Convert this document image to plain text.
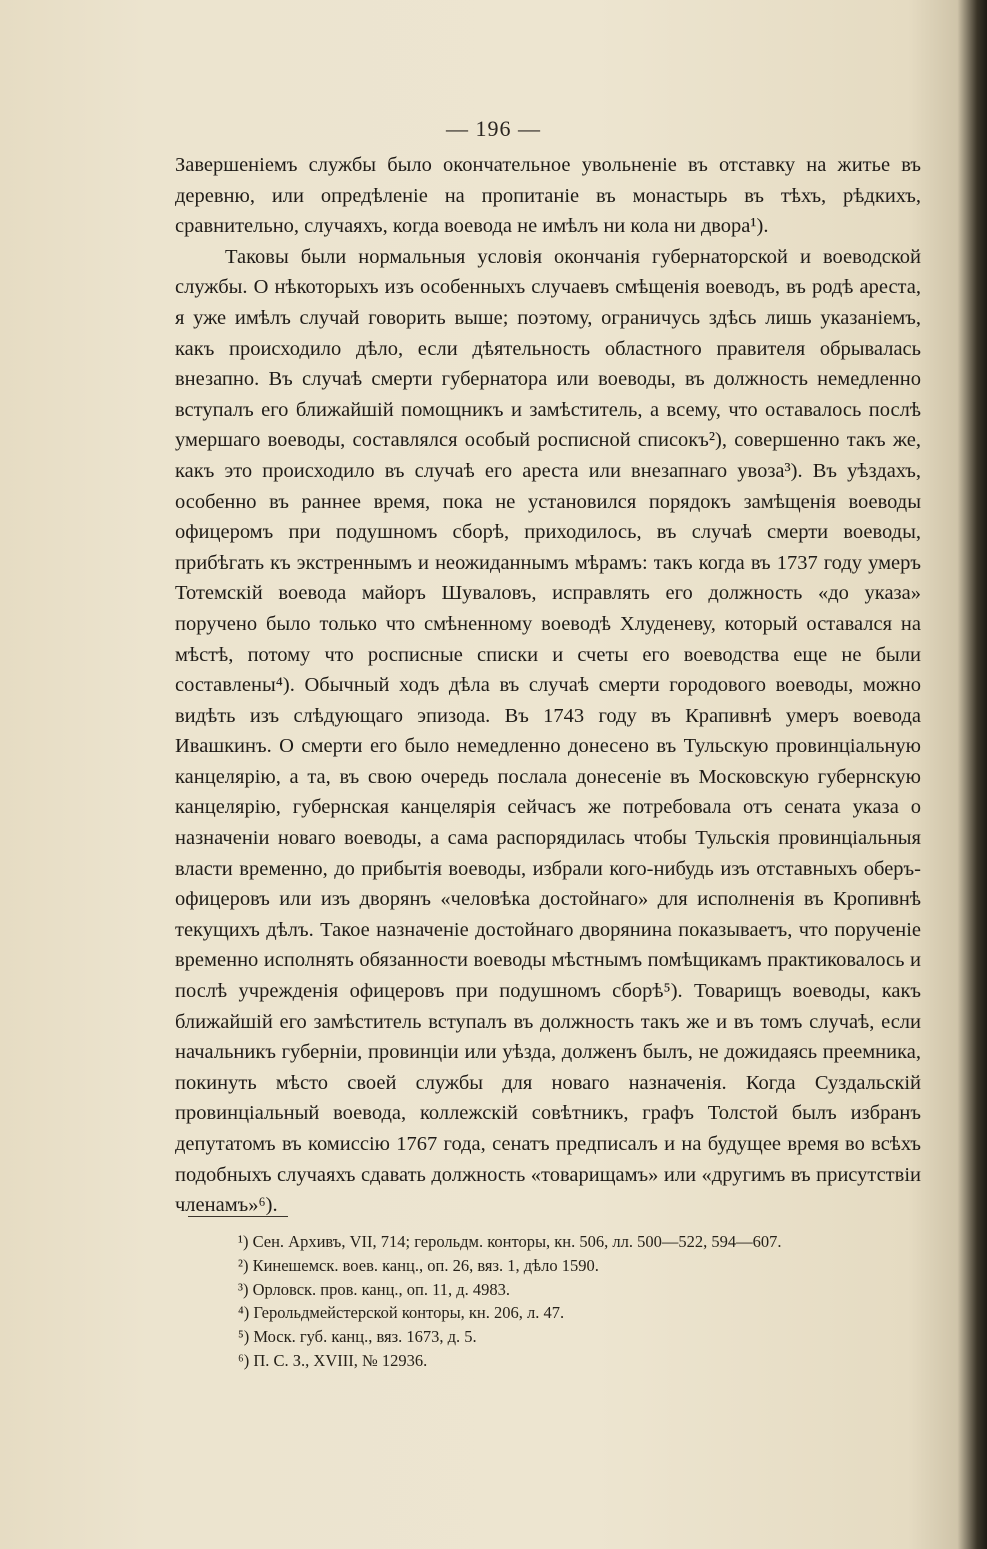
— 196 —

Завершеніемъ службы было окончательное увольненіе въ отставку на житье въ деревню, или опредѣленіе на пропитаніе въ монастырь въ тѣхъ, рѣдкихъ, сравнительно, случаяхъ, когда воевода не имѣлъ ни кола ни двора¹).

Таковы были нормальныя условія окончанія губернаторской и воеводской службы. О нѣкоторыхъ изъ особенныхъ случаевъ смѣщенія воеводъ, въ родѣ ареста, я уже имѣлъ случай говорить выше; поэтому, ограничусь здѣсь лишь указаніемъ, какъ происходило дѣло, если дѣятельность областного правителя обрывалась внезапно. Въ случаѣ смерти губернатора или воеводы, въ должность немедленно вступалъ его ближайшій помощникъ и замѣститель, а всему, что оставалось послѣ умершаго воеводы, составлялся особый росписной списокъ²), совершенно такъ же, какъ это происходило въ случаѣ его ареста или внезапнаго увоза³). Въ уѣздахъ, особенно въ раннее время, пока не установился порядокъ замѣщенія воеводы офицеромъ при подушномъ сборѣ, приходилось, въ случаѣ смерти воеводы, прибѣгать къ экстреннымъ и неожиданнымъ мѣрамъ: такъ когда въ 1737 году умеръ Тотемскій воевода майоръ Шуваловъ, исправлять его должность «до указа» поручено было только что смѣненному воеводѣ Хлуденеву, который оставался на мѣстѣ, потому что росписные списки и счеты его воеводства еще не были составлены⁴). Обычный ходъ дѣла въ случаѣ смерти городового воеводы, можно видѣть изъ слѣдующаго эпизода. Въ 1743 году въ Крапивнѣ умеръ воевода Ивашкинъ. О смерти его было немедленно донесено въ Тульскую провинціальную канцелярію, а та, въ свою очередь послала донесеніе въ Московскую губернскую канцелярію, губернская канцелярія сейчасъ же потребовала отъ сената указа о назначеніи новаго воеводы, а сама распорядилась чтобы Тульскія провинціальныя власти временно, до прибытія воеводы, избрали кого-нибудь изъ отставныхъ оберъ-офицеровъ или изъ дворянъ «человѣка достойнаго» для исполненія въ Кропивнѣ текущихъ дѣлъ. Такое назначеніе достойнаго дворянина показываетъ, что порученіе временно исполнять обязанности воеводы мѣстнымъ помѣщикамъ практиковалось и послѣ учрежденія офицеровъ при подушномъ сборѣ⁵). Товарищъ воеводы, какъ ближайшій его замѣститель вступалъ въ должность такъ же и въ томъ случаѣ, если начальникъ губерніи, провинціи или уѣзда, долженъ былъ, не дожидаясь преемника, покинуть мѣсто своей службы для новаго назначенія. Когда Суздальскій провинціальный воевода, коллежскій совѣтникъ, графъ Толстой былъ избранъ депутатомъ въ комиссію 1767 года, сенатъ предписалъ и на будущее время во всѣхъ подобныхъ случаяхъ сдавать должность «товарищамъ» или «другимъ въ присутствіи членамъ»⁶).

¹) Сен. Архивъ, VII, 714; герольдм. конторы, кн. 506, лл. 500—522, 594—607.
²) Кинешемск. воев. канц., оп. 26, вяз. 1, дѣло 1590.
³) Орловск. пров. канц., оп. 11, д. 4983.
⁴) Герольдмейстерской конторы, кн. 206, л. 47.
⁵) Моск. губ. канц., вяз. 1673, д. 5.
⁶) П. С. З., XVIII, № 12936.
